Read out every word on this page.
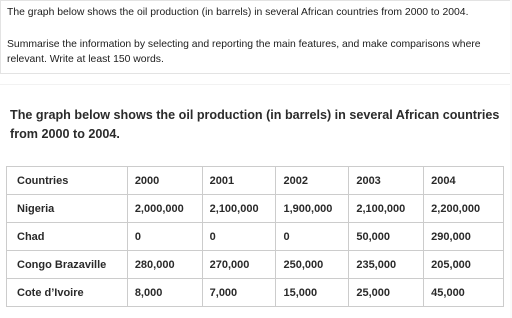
The graph below shows the oil production (in barrels) in several African countries from 2000 to 2004.
Summarise the information by selecting and reporting the main features, and make comparisons where relevant. Write at least 150 words.
The graph below shows the oil production (in barrels) in several African countries from 2000 to 2004.
Countries	2000	2001	2002	2003	2004
Nigeria	2,000,000	2,100,000	1,900,000	2,100,000	2,200,000
Chad	0	0	0	50,000	290,000
Congo Brazaville	280,000	270,000	250,000	235,000	205,000
Cote d’Ivoire	8,000	7,000	15,000	25,000	45,000
